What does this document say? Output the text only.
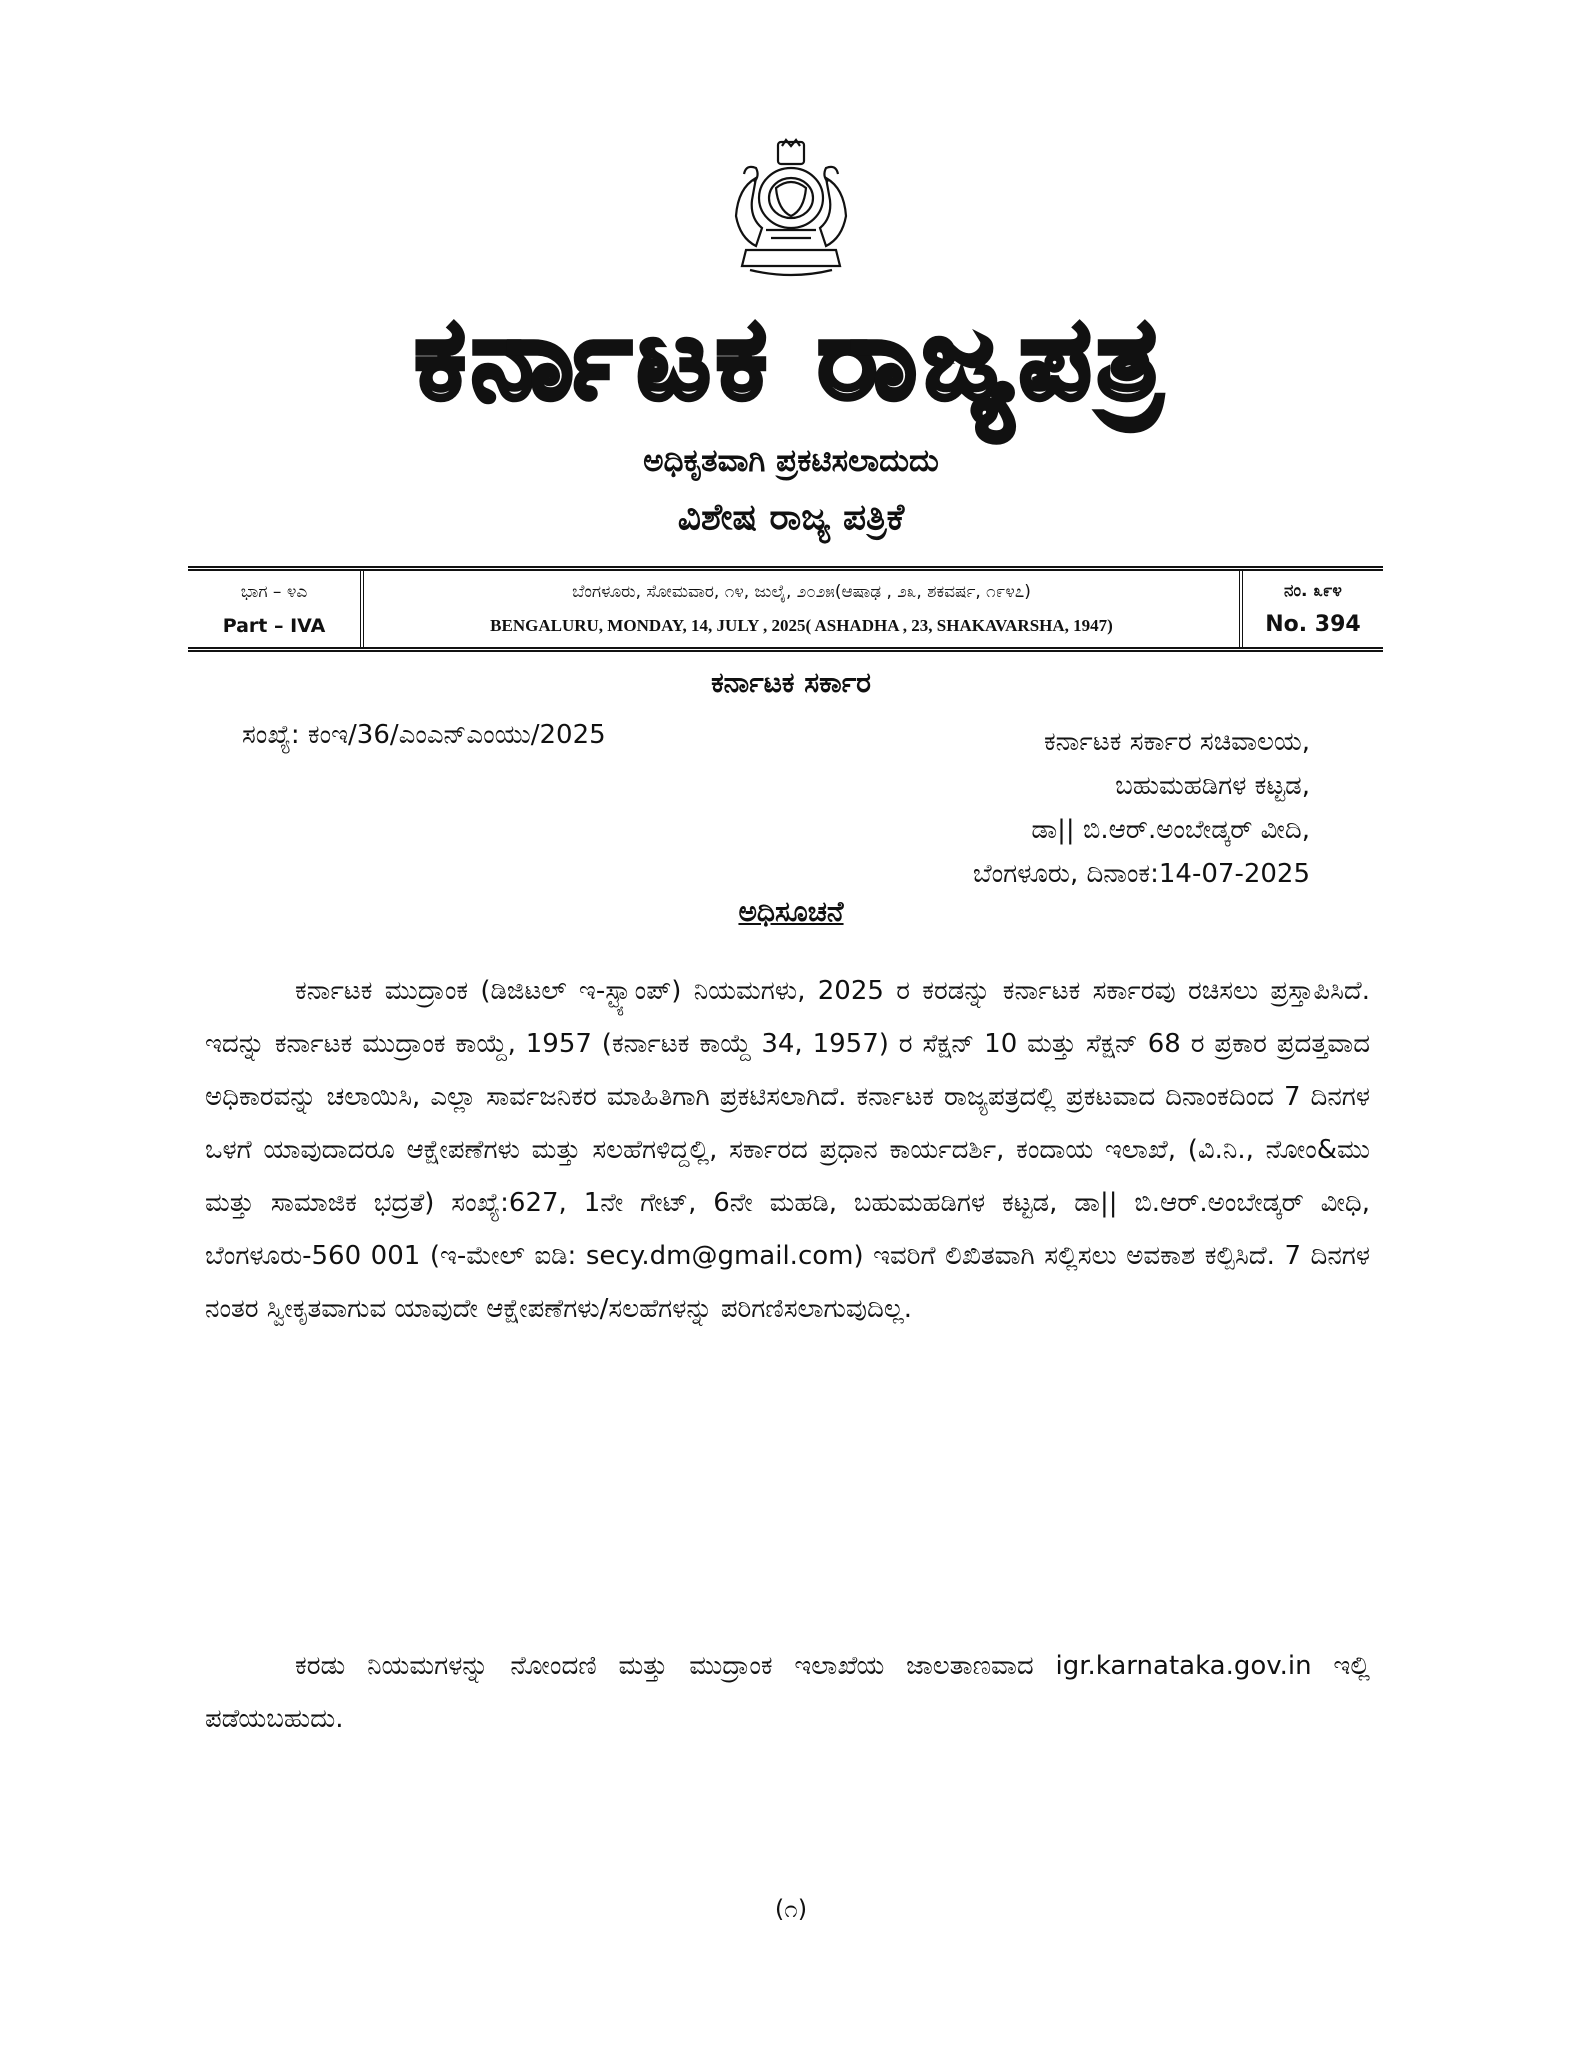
ಕರ್ನಾಟಕ ರಾಜ್ಯಪತ್ರ
ಅಧಿಕೃತವಾಗಿ ಪ್ರಕಟಿಸಲಾದುದು
ವಿಶೇಷ ರಾಜ್ಯ ಪತ್ರಿಕೆ
ಭಾಗ – ೪ಎ
Part – IVA
ಬೆಂಗಳೂರು, ಸೋಮವಾರ, ೧೪, ಜುಲೈ, ೨೦೨೫(ಆಷಾಢ , ೨೩, ಶಕವರ್ಷ, ೧೯೪೭)
BENGALURU, MONDAY, 14, JULY , 2025( ASHADHA , 23, SHAKAVARSHA, 1947)
ನಂ. ೩೯೪
No. 394
ಕರ್ನಾಟಕ ಸರ್ಕಾರ
ಸಂಖ್ಯೆ: ಕಂಇ/36/ಎಂಎನ್‌ಎಂಯು/2025	ಕರ್ನಾಟಕ ಸರ್ಕಾರ ಸಚಿವಾಲಯ,
ಬಹುಮಹಡಿಗಳ ಕಟ್ಟಡ,
ಡಾ|| ಬಿ.ಆರ್.ಅಂಬೇಡ್ಕರ್ ವೀದಿ,
ಬೆಂಗಳೂರು, ದಿನಾಂಕ:14-07-2025
ಅಧಿಸೂಚನೆ

ಕರ್ನಾಟಕ ಮುದ್ರಾಂಕ (ಡಿಜಿಟಲ್ ಇ-ಸ್ಟ್ಯಾಂಪ್) ನಿಯಮಗಳು, 2025 ರ ಕರಡನ್ನು ಕರ್ನಾಟಕ ಸರ್ಕಾರವು ರಚಿಸಲು ಪ್ರಸ್ತಾಪಿಸಿದೆ. ಇದನ್ನು ಕರ್ನಾಟಕ ಮುದ್ರಾಂಕ ಕಾಯ್ದೆ, 1957 (ಕರ್ನಾಟಕ ಕಾಯ್ದೆ 34, 1957) ರ ಸೆಕ್ಷನ್ 10 ಮತ್ತು ಸೆಕ್ಷನ್ 68 ರ ಪ್ರಕಾರ ಪ್ರದತ್ತವಾದ ಅಧಿಕಾರವನ್ನು ಚಲಾಯಿಸಿ, ಎಲ್ಲಾ ಸಾರ್ವಜನಿಕರ ಮಾಹಿತಿಗಾಗಿ ಪ್ರಕಟಿಸಲಾಗಿದೆ. ಕರ್ನಾಟಕ ರಾಜ್ಯಪತ್ರದಲ್ಲಿ ಪ್ರಕಟವಾದ ದಿನಾಂಕದಿಂದ 7 ದಿನಗಳ ಒಳಗೆ ಯಾವುದಾದರೂ ಆಕ್ಷೇಪಣೆಗಳು ಮತ್ತು ಸಲಹೆಗಳಿದ್ದಲ್ಲಿ, ಸರ್ಕಾರದ ಪ್ರಧಾನ ಕಾರ್ಯದರ್ಶಿ, ಕಂದಾಯ ಇಲಾಖೆ, (ವಿ.ನಿ., ನೋಂ&ಮು ಮತ್ತು ಸಾಮಾಜಿಕ ಭದ್ರತೆ) ಸಂಖ್ಯೆ:627, 1ನೇ ಗೇಟ್, 6ನೇ ಮಹಡಿ, ಬಹುಮಹಡಿಗಳ ಕಟ್ಟಡ, ಡಾ|| ಬಿ.ಆರ್.ಅಂಬೇಡ್ಕರ್ ವೀಧಿ, ಬೆಂಗಳೂರು-560 001 (ಇ-ಮೇಲ್ ಐಡಿ: secy.dm@gmail.com) ಇವರಿಗೆ ಲಿಖಿತವಾಗಿ ಸಲ್ಲಿಸಲು ಅವಕಾಶ ಕಲ್ಪಿಸಿದೆ. 7 ದಿನಗಳ ನಂತರ ಸ್ವೀಕೃತವಾಗುವ ಯಾವುದೇ ಆಕ್ಷೇಪಣೆಗಳು/ಸಲಹೆಗಳನ್ನು ಪರಿಗಣಿಸಲಾಗುವುದಿಲ್ಲ.

ಕರಡು ನಿಯಮಗಳನ್ನು ನೋಂದಣಿ ಮತ್ತು ಮುದ್ರಾಂಕ ಇಲಾಖೆಯ ಜಾಲತಾಣವಾದ igr.karnataka.gov.in ಇಲ್ಲಿ ಪಡೆಯಬಹುದು.

(೧)
